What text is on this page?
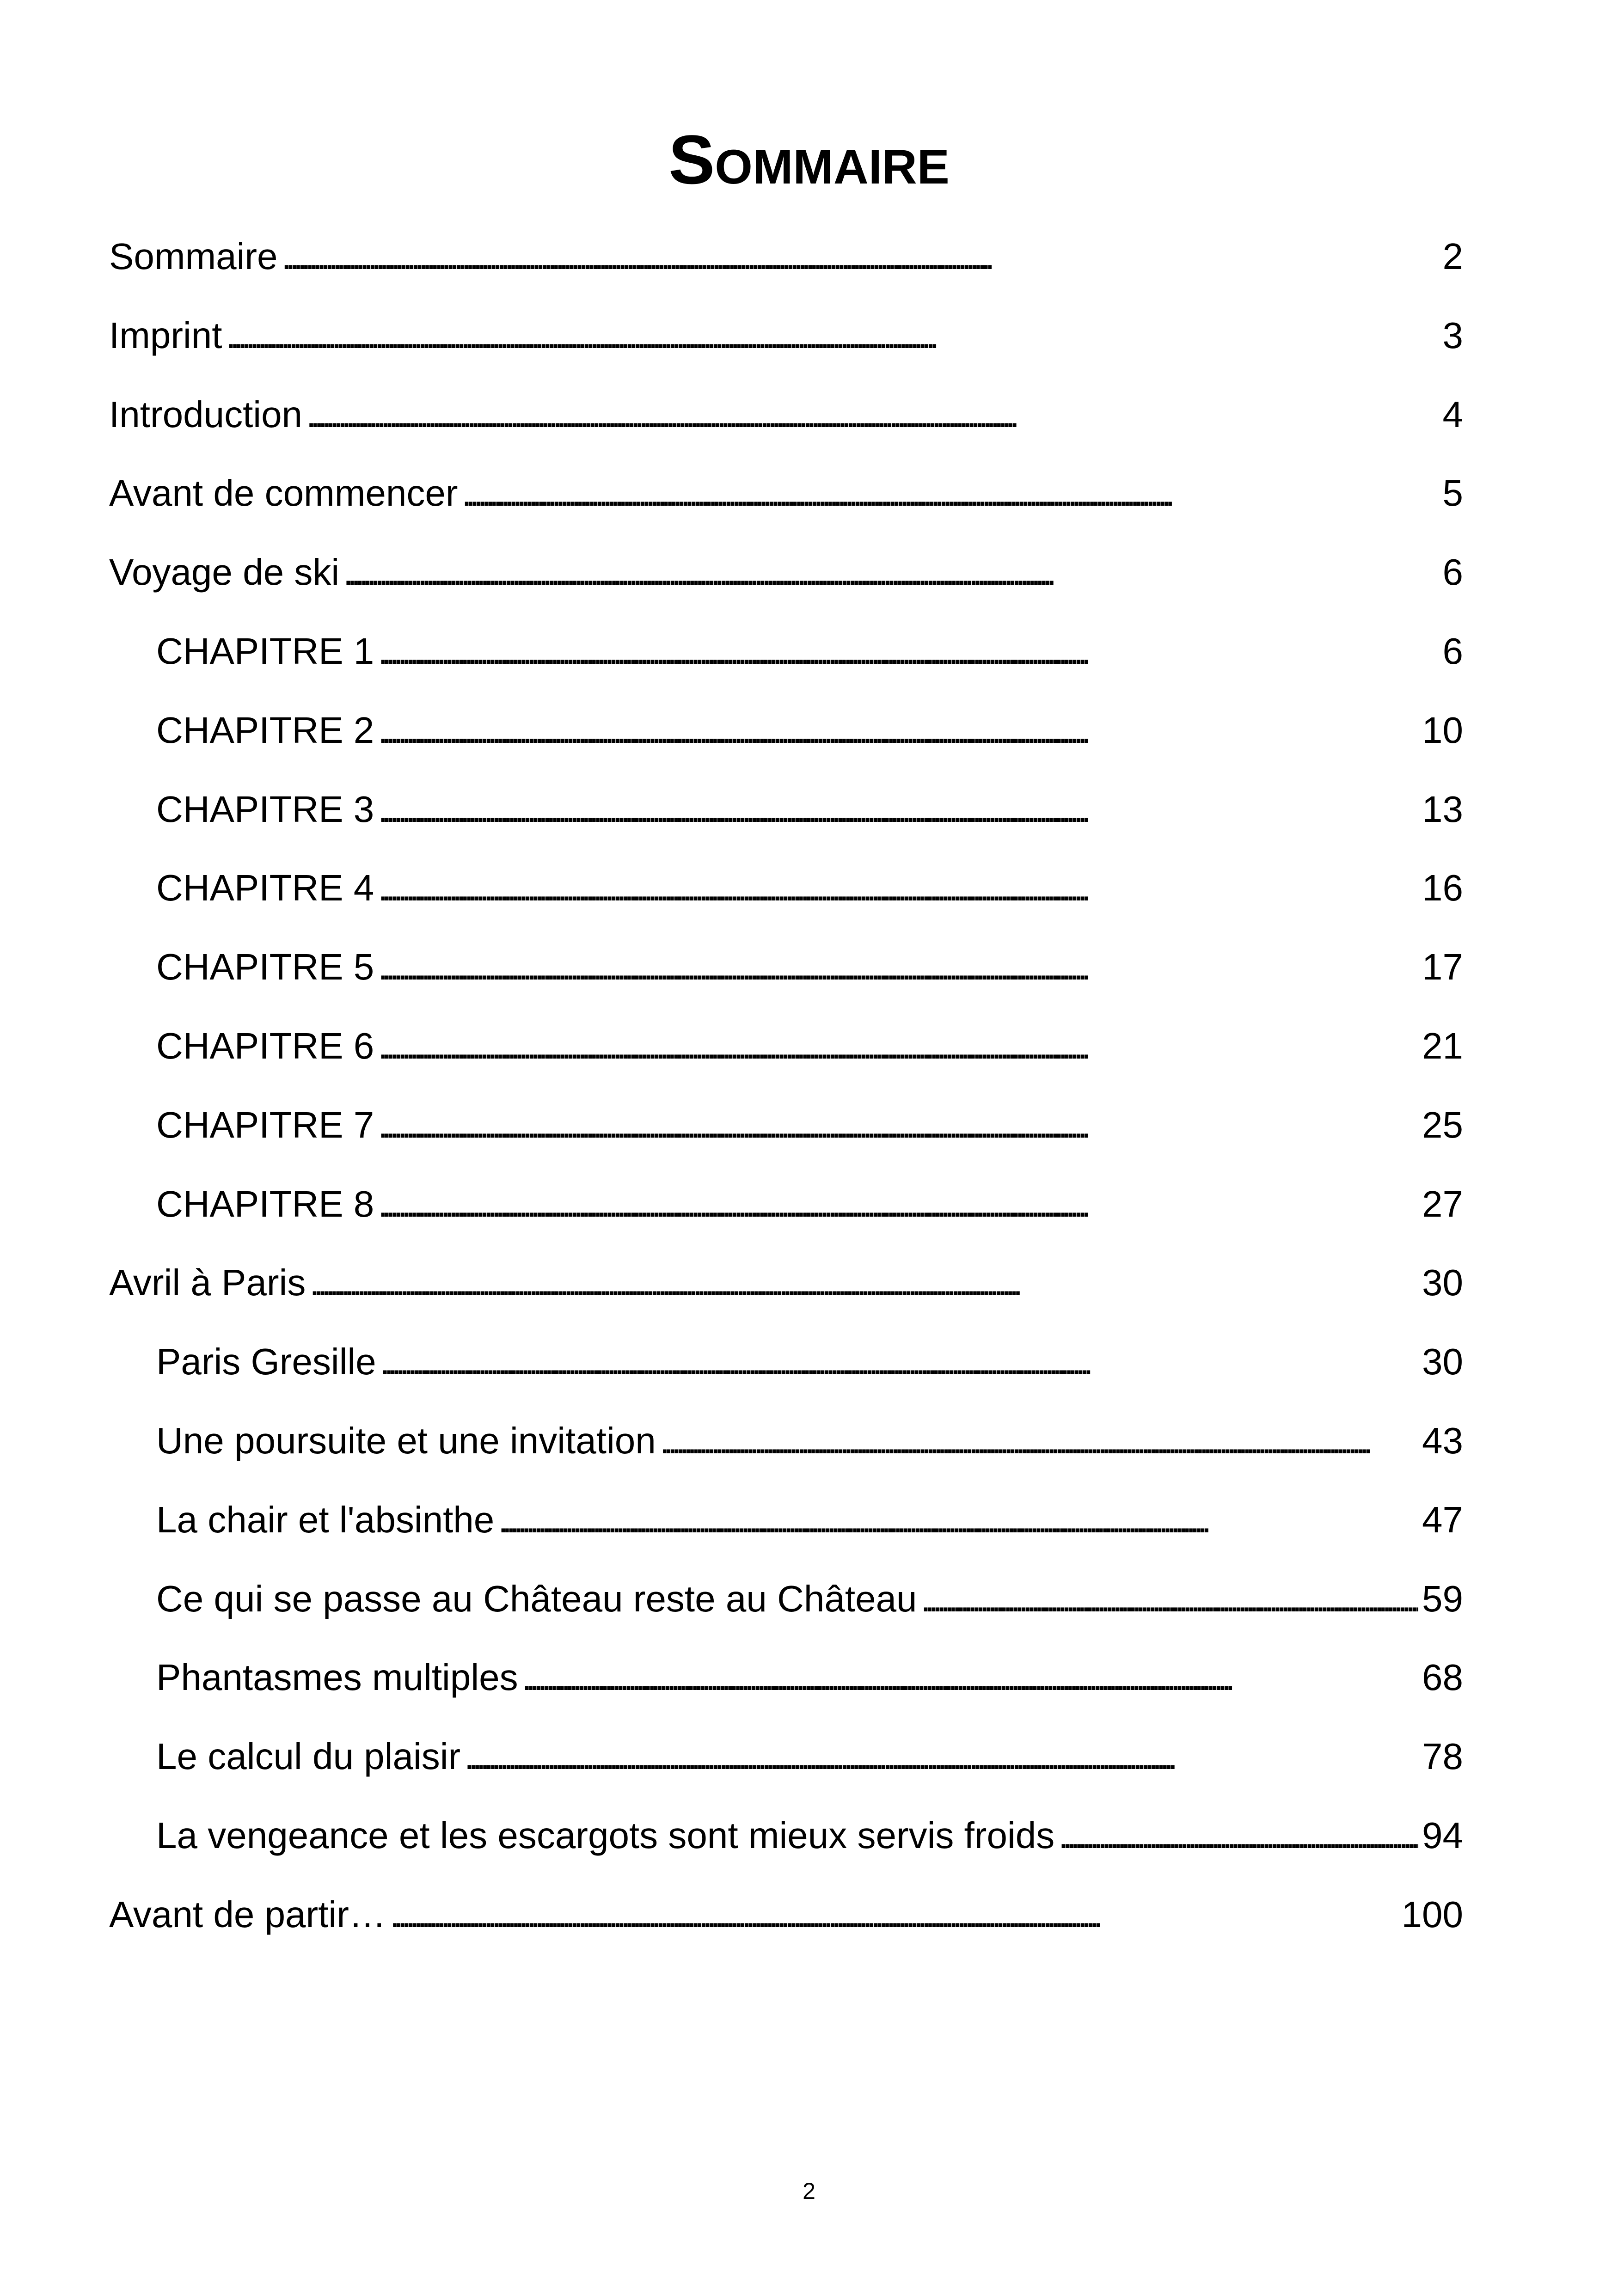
Sommaire
Sommaire . . .	2
Imprint . . .	3
Introduction . . .	4
Avant de commencer . . .	5
Voyage de ski . . .	6
CHAPITRE 1 . . .	6
CHAPITRE 2 . . .	10
CHAPITRE 3 . . .	13
CHAPITRE 4 . . .	16
CHAPITRE 5 . . .	17
CHAPITRE 6 . . .	21
CHAPITRE 7 . . .	25
CHAPITRE 8 . . .	27
Avril à Paris . . .	30
Paris Gresille . . .	30
Une poursuite et une invitation . . .	43
La chair et l'absinthe . . .	47
Ce qui se passe au Château reste au Château . . .	59
Phantasmes multiples . . .	68
Le calcul du plaisir . . .	78
La vengeance et les escargots sont mieux servis froids . . .	94
Avant de partir… . . .	100
2
